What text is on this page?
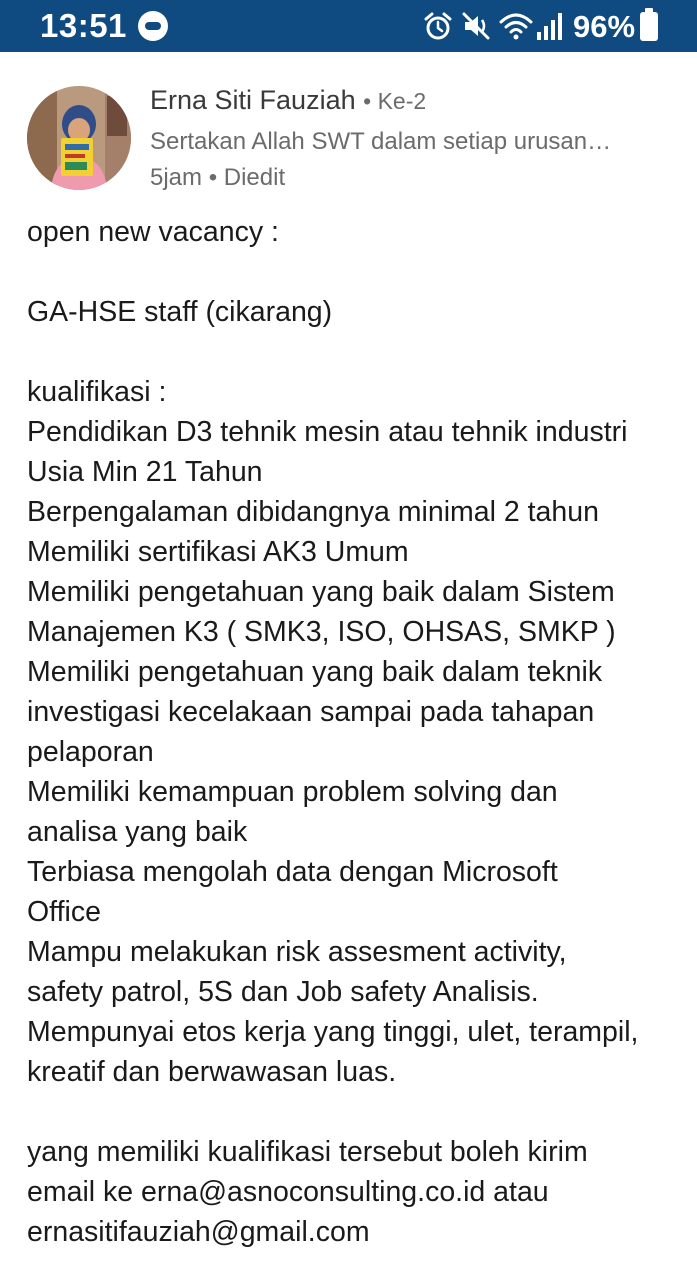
13:51	96%
Erna Siti Fauziah • Ke-2
Sertakan Allah SWT dalam setiap urusan…
5jam • Diedit
open new vacancy :
GA-HSE staff (cikarang)
kualifikasi :
Pendidikan D3 tehnik mesin atau tehnik industri
Usia Min 21 Tahun
Berpengalaman dibidangnya minimal 2 tahun
Memiliki sertifikasi AK3 Umum
Memiliki pengetahuan yang baik dalam Sistem
Manajemen K3 ( SMK3, ISO, OHSAS, SMKP )
Memiliki pengetahuan yang baik dalam teknik
investigasi kecelakaan sampai pada tahapan
pelaporan
Memiliki kemampuan problem solving dan
analisa yang baik
Terbiasa mengolah data dengan Microsoft
Office
Mampu melakukan risk assesment activity,
safety patrol, 5S dan Job safety Analisis.
Mempunyai etos kerja yang tinggi, ulet, terampil,
kreatif dan berwawasan luas.
yang memiliki kualifikasi tersebut boleh kirim
email ke erna@asnoconsulting.co.id atau
ernasitifauziah@gmail.com
